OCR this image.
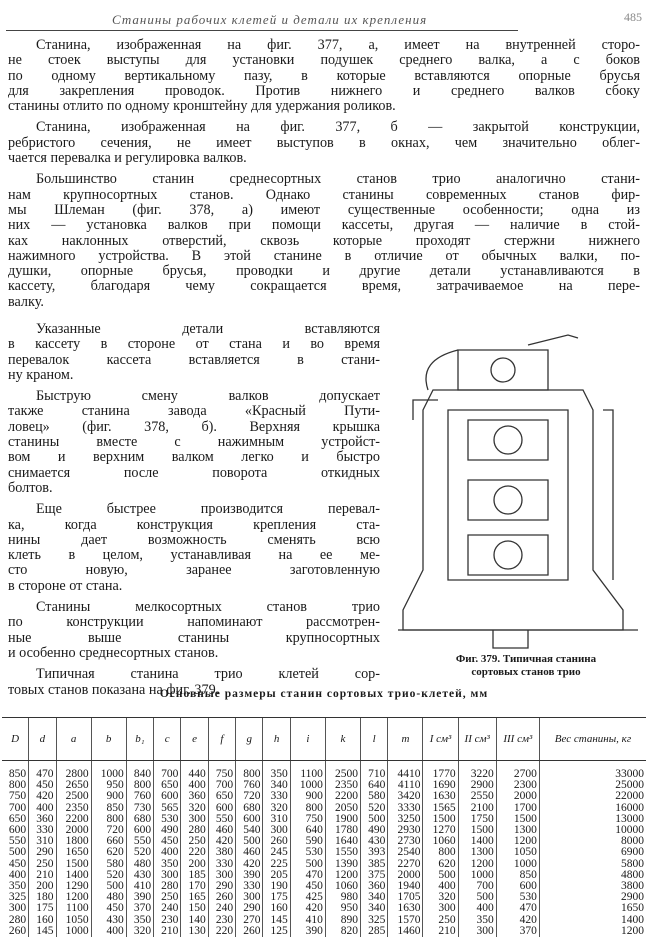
Станины рабочих клетей и детали их крепления	485
Станина, изображенная на фиг. 377, а, имеет на внутренней сторо-
не стоек выступы для установки подушек среднего валка, а с боков
по одному вертикальному пазу, в которые вставляются опорные брусья
для закрепления проводок. Против нижнего и среднего валков сбоку
станины отлито по одному кронштейну для удержания роликов.
Станина, изображенная на фиг. 377, б — закрытой конструкции,
ребристого сечения, не имеет выступов в окнах, чем значительно облег-
чается перевалка и регулировка валков.
Большинство станин среднесортных станов трио аналогично стани-
нам крупносортных станов. Однако станины современных станов фир-
мы Шлеман (фиг. 378, а) имеют существенные особенности; одна из
них — установка валков при помощи кассеты, другая — наличие в стой-
ках наклонных отверстий, сквозь которые проходят стержни нижнего
нажимного устройства. В этой станине в отличие от обычных валки, по-
душки, опорные брусья, проводки и другие детали устанавливаются в
кассету, благодаря чему сокращается время, затрачиваемое на пере-
валку.
Указанные детали вставляются
в кассету в стороне от стана и во время
перевалок кассета вставляется в стани-
ну краном.
Быструю смену валков допускает
также станина завода «Красный Пути-
ловец» (фиг. 378, б). Верхняя крышка
станины вместе с нажимным устройст-
вом и верхним валком легко и быстро
снимается после поворота откидных
болтов.
Еще быстрее производится перевал-
ка, когда конструкция крепления ста-
нины дает возможность сменять всю
клеть в целом, устанавливая на ее ме-
сто новую, заранее заготовленную
в стороне от стана.
Станины мелкосортных станов трио
по конструкции напоминают рассмотрен-
ные выше станины крупносортных
и особенно среднесортных станов.
Типичная станина трио клетей сор-
товых станов показана на фиг. 379.
Фиг. 379. Типичная станина
сортовых станов трио
Основные размеры станин сортовых трио-клетей, мм
D	d	a	b	b₁	c	e	f	g	h	i	k	l	m	I см³	II см³	III см³	Вес станины, кг
850	470	2800	1000	840	700	440	750	800	350	1100	2500	710	4410	1770	3220	2700	33000
800	450	2650	950	800	650	400	700	760	340	1000	2350	640	4110	1690	2900	2300	25000
750	420	2500	900	760	600	360	650	720	330	900	2200	580	3420	1630	2550	2000	22000
700	400	2350	850	730	565	320	600	680	320	800	2050	520	3330	1565	2100	1700	16000
650	360	2200	800	680	530	300	550	600	310	750	1900	500	3250	1500	1750	1500	13000
600	330	2000	720	600	490	280	460	540	300	640	1780	490	2930	1270	1500	1300	10000
550	310	1800	660	550	450	250	420	500	260	590	1640	430	2730	1060	1400	1200	8000
500	290	1650	620	520	400	220	380	460	245	530	1550	393	2540	800	1300	1050	6900
450	250	1500	580	480	350	200	330	420	225	500	1390	385	2270	620	1200	1000	5800
400	210	1400	520	430	300	185	300	390	205	470	1200	375	2000	500	1000	850	4800
350	200	1290	500	410	280	170	290	330	190	450	1060	360	1940	400	700	600	3800
325	180	1200	480	390	250	165	260	300	175	425	980	340	1705	320	500	530	2900
300	175	1100	450	370	240	150	240	290	160	420	950	340	1630	300	400	470	1650
280	160	1050	430	350	230	140	230	270	145	410	890	325	1570	250	350	420	1400
260	145	1000	400	320	210	130	220	260	125	390	820	285	1460	210	300	370	1200
